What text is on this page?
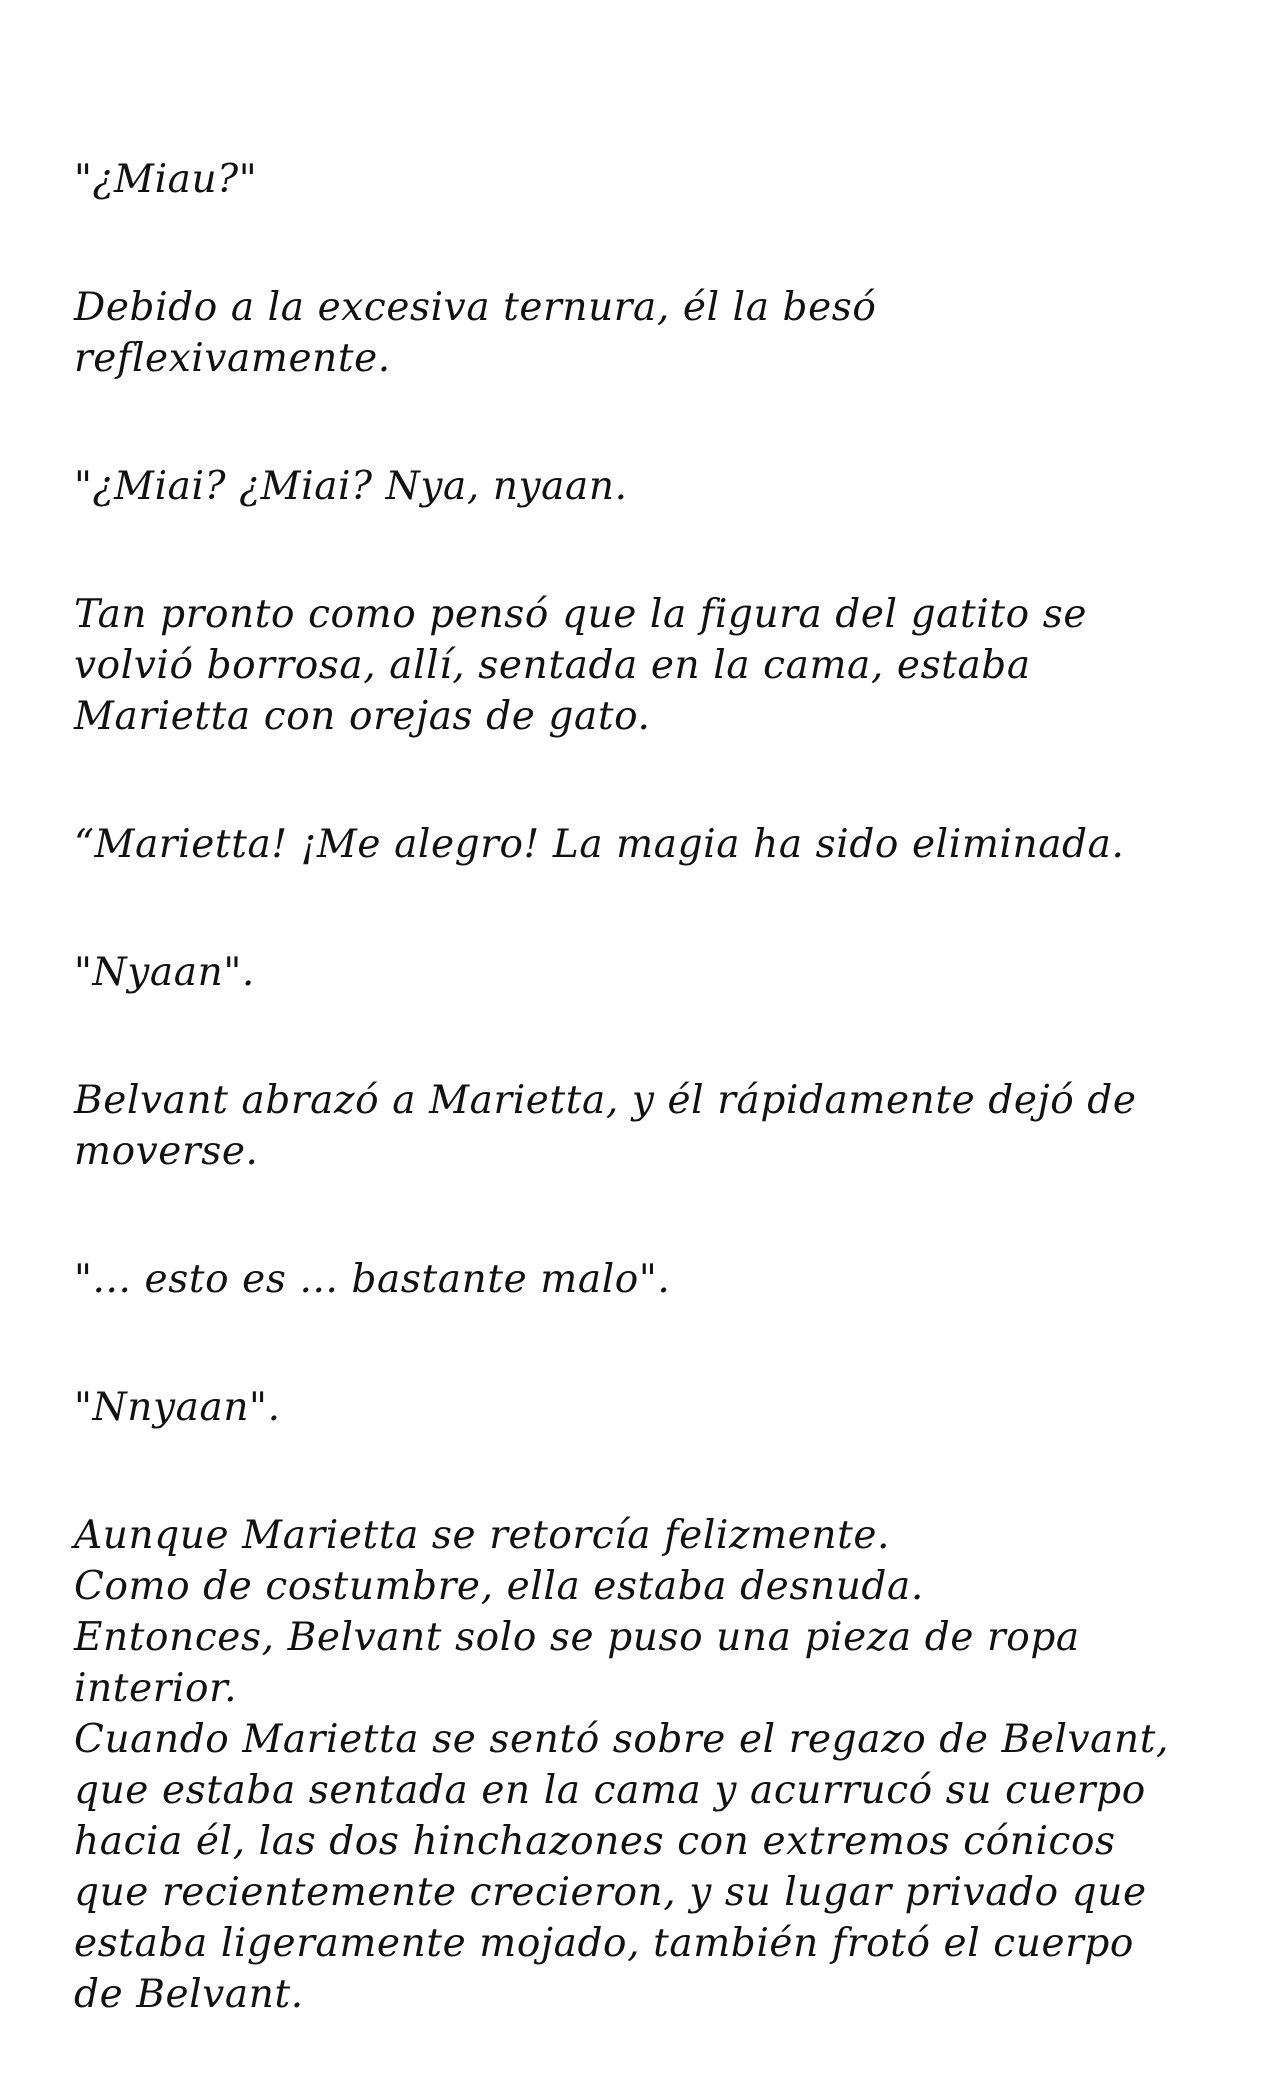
"¿Miau?"

Debido a la excesiva ternura, él la besó
reflexivamente.

"¿Miai? ¿Miai? Nya, nyaan.

Tan pronto como pensó que la figura del gatito se
volvió borrosa, allí, sentada en la cama, estaba
Marietta con orejas de gato.

“Marietta! ¡Me alegro! La magia ha sido eliminada.

"Nyaan".

Belvant abrazó a Marietta, y él rápidamente dejó de
moverse.

"... esto es ... bastante malo".

"Nnyaan".

Aunque Marietta se retorcía felizmente.
Como de costumbre, ella estaba desnuda.
Entonces, Belvant solo se puso una pieza de ropa
interior.
Cuando Marietta se sentó sobre el regazo de Belvant,
que estaba sentada en la cama y acurrucó su cuerpo
hacia él, las dos hinchazones con extremos cónicos
que recientemente crecieron, y su lugar privado que
estaba ligeramente mojado, también frotó el cuerpo
de Belvant.
